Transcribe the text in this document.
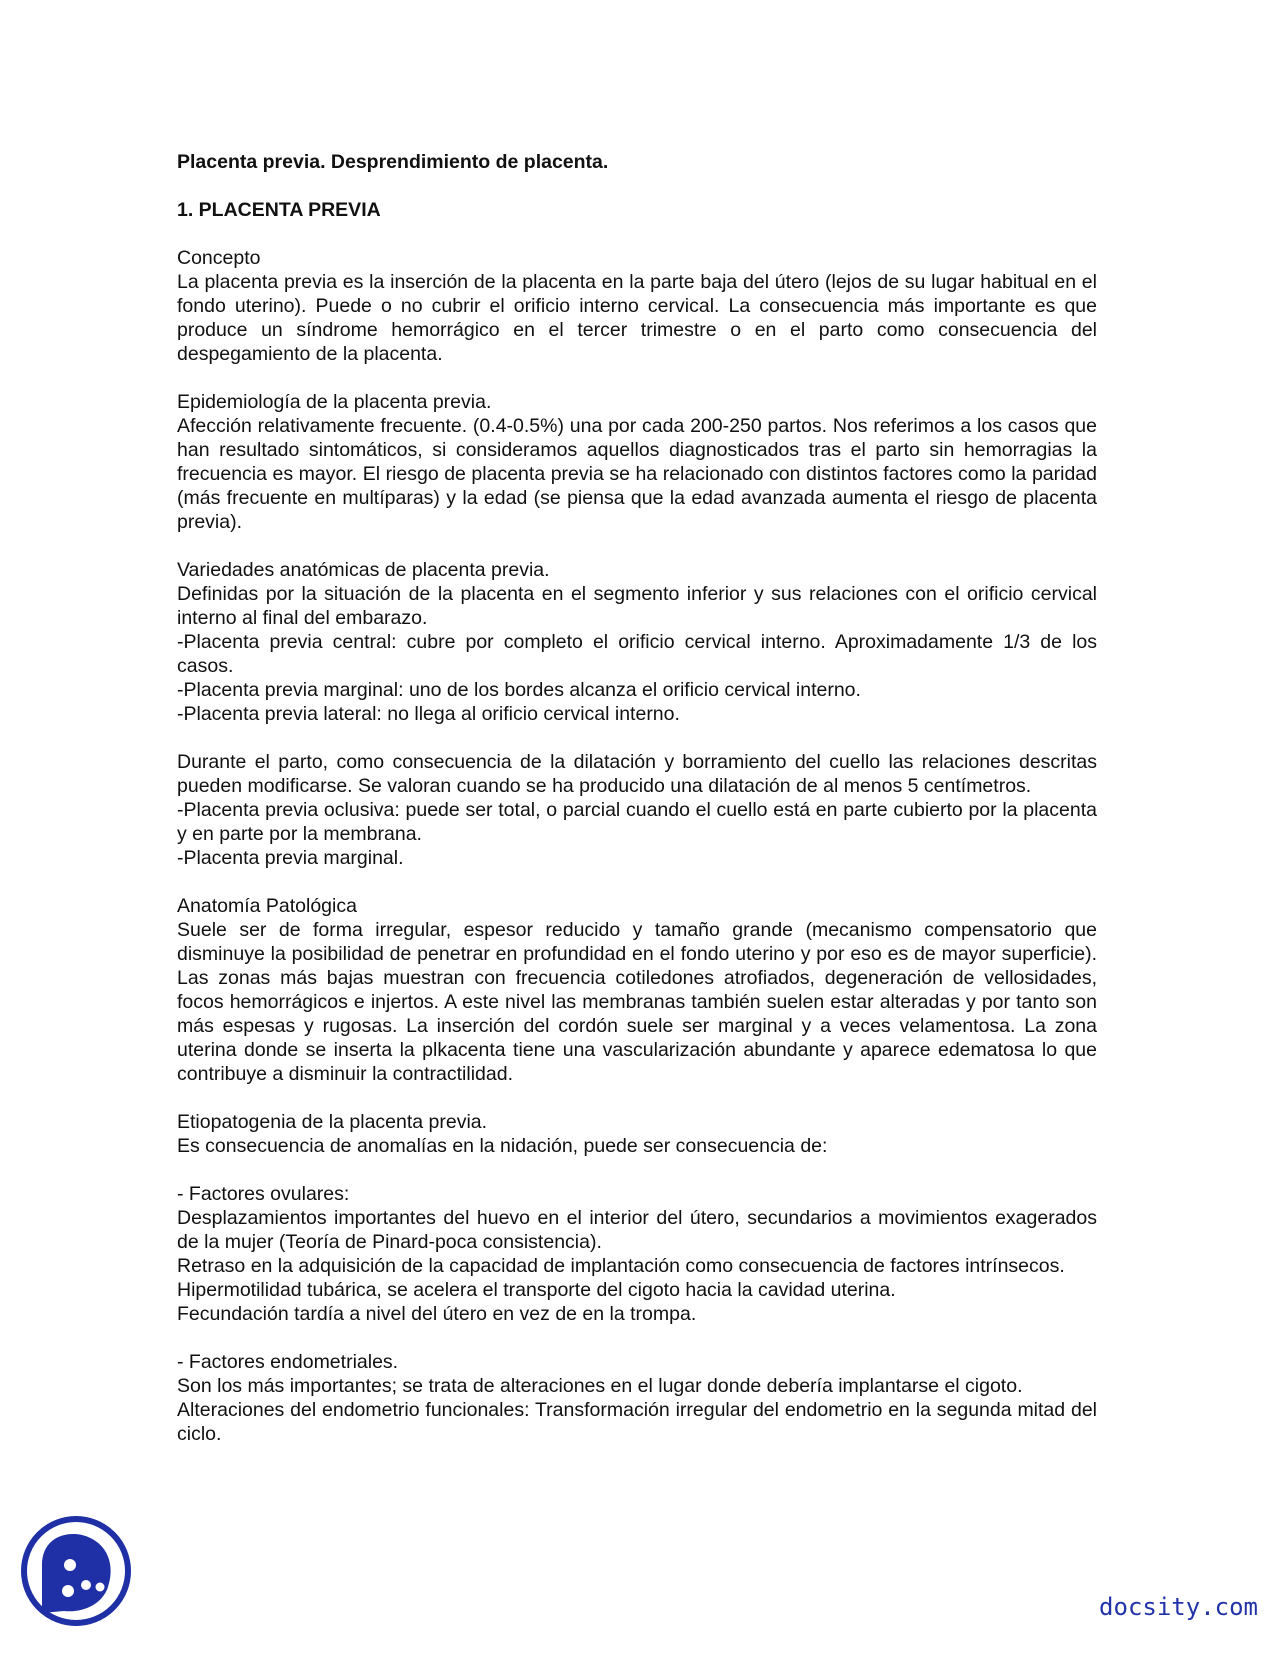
Placenta previa. Desprendimiento de placenta.

1. PLACENTA PREVIA

Concepto

La placenta previa es la inserción de la placenta en la parte baja del útero (lejos de su lugar habitual en el fondo uterino). Puede o no cubrir el orificio interno cervical. La consecuencia más importante es que produce un síndrome hemorrágico en el tercer trimestre o en el parto como consecuencia del despegamiento de la placenta.

Epidemiología de la placenta previa.

Afección relativamente frecuente. (0.4-0.5%) una por cada 200-250 partos. Nos referimos a los casos que han resultado sintomáticos, si consideramos aquellos diagnosticados tras el parto sin hemorragias la frecuencia es mayor. El riesgo de placenta previa se ha relacionado con distintos factores como la paridad (más frecuente en multíparas) y la edad (se piensa que la edad avanzada aumenta el riesgo de placenta previa).

Variedades anatómicas de placenta previa.

Definidas por la situación de la placenta en el segmento inferior y sus relaciones con el orificio cervical interno al final del embarazo.

-Placenta previa central: cubre por completo el orificio cervical interno. Aproximadamente 1/3 de los casos.

-Placenta previa marginal: uno de los bordes alcanza el orificio cervical interno.

-Placenta previa lateral: no llega al orificio cervical interno.

Durante el parto, como consecuencia de la dilatación y borramiento del cuello las relaciones descritas pueden modificarse. Se valoran cuando se ha producido una dilatación de al menos 5 centímetros.

-Placenta previa oclusiva: puede ser total, o parcial cuando el cuello está en parte cubierto por la placenta y en parte por la membrana.

-Placenta previa marginal.

Anatomía Patológica

Suele ser de forma irregular, espesor reducido y tamaño grande (mecanismo compensatorio que disminuye la posibilidad de penetrar en profundidad en el fondo uterino y por eso es de mayor superficie). Las zonas más bajas muestran con frecuencia cotiledones atrofiados, degeneración de vellosidades, focos hemorrágicos e injertos. A este nivel las membranas también suelen estar alteradas y por tanto son más espesas y rugosas. La inserción del cordón suele ser marginal y a veces velamentosa. La zona uterina donde se inserta la plkacenta tiene una vascularización abundante y aparece edematosa lo que contribuye a disminuir la contractilidad.

Etiopatogenia de la placenta previa.

Es consecuencia de anomalías en la nidación, puede ser consecuencia de:

- Factores ovulares:

Desplazamientos importantes del huevo en el interior del útero, secundarios a movimientos exagerados de la mujer (Teoría de Pinard-poca consistencia).

Retraso en la adquisición de la capacidad de implantación como consecuencia de factores intrínsecos.

Hipermotilidad tubárica, se acelera el transporte del cigoto hacia la cavidad uterina.

Fecundación tardía a nivel del útero en vez de en la trompa.

- Factores endometriales.

Son los más importantes; se trata de alteraciones en el lugar donde debería implantarse el cigoto.

Alteraciones del endometrio funcionales: Transformación irregular del endometrio en la segunda mitad del ciclo.

docsity.com
